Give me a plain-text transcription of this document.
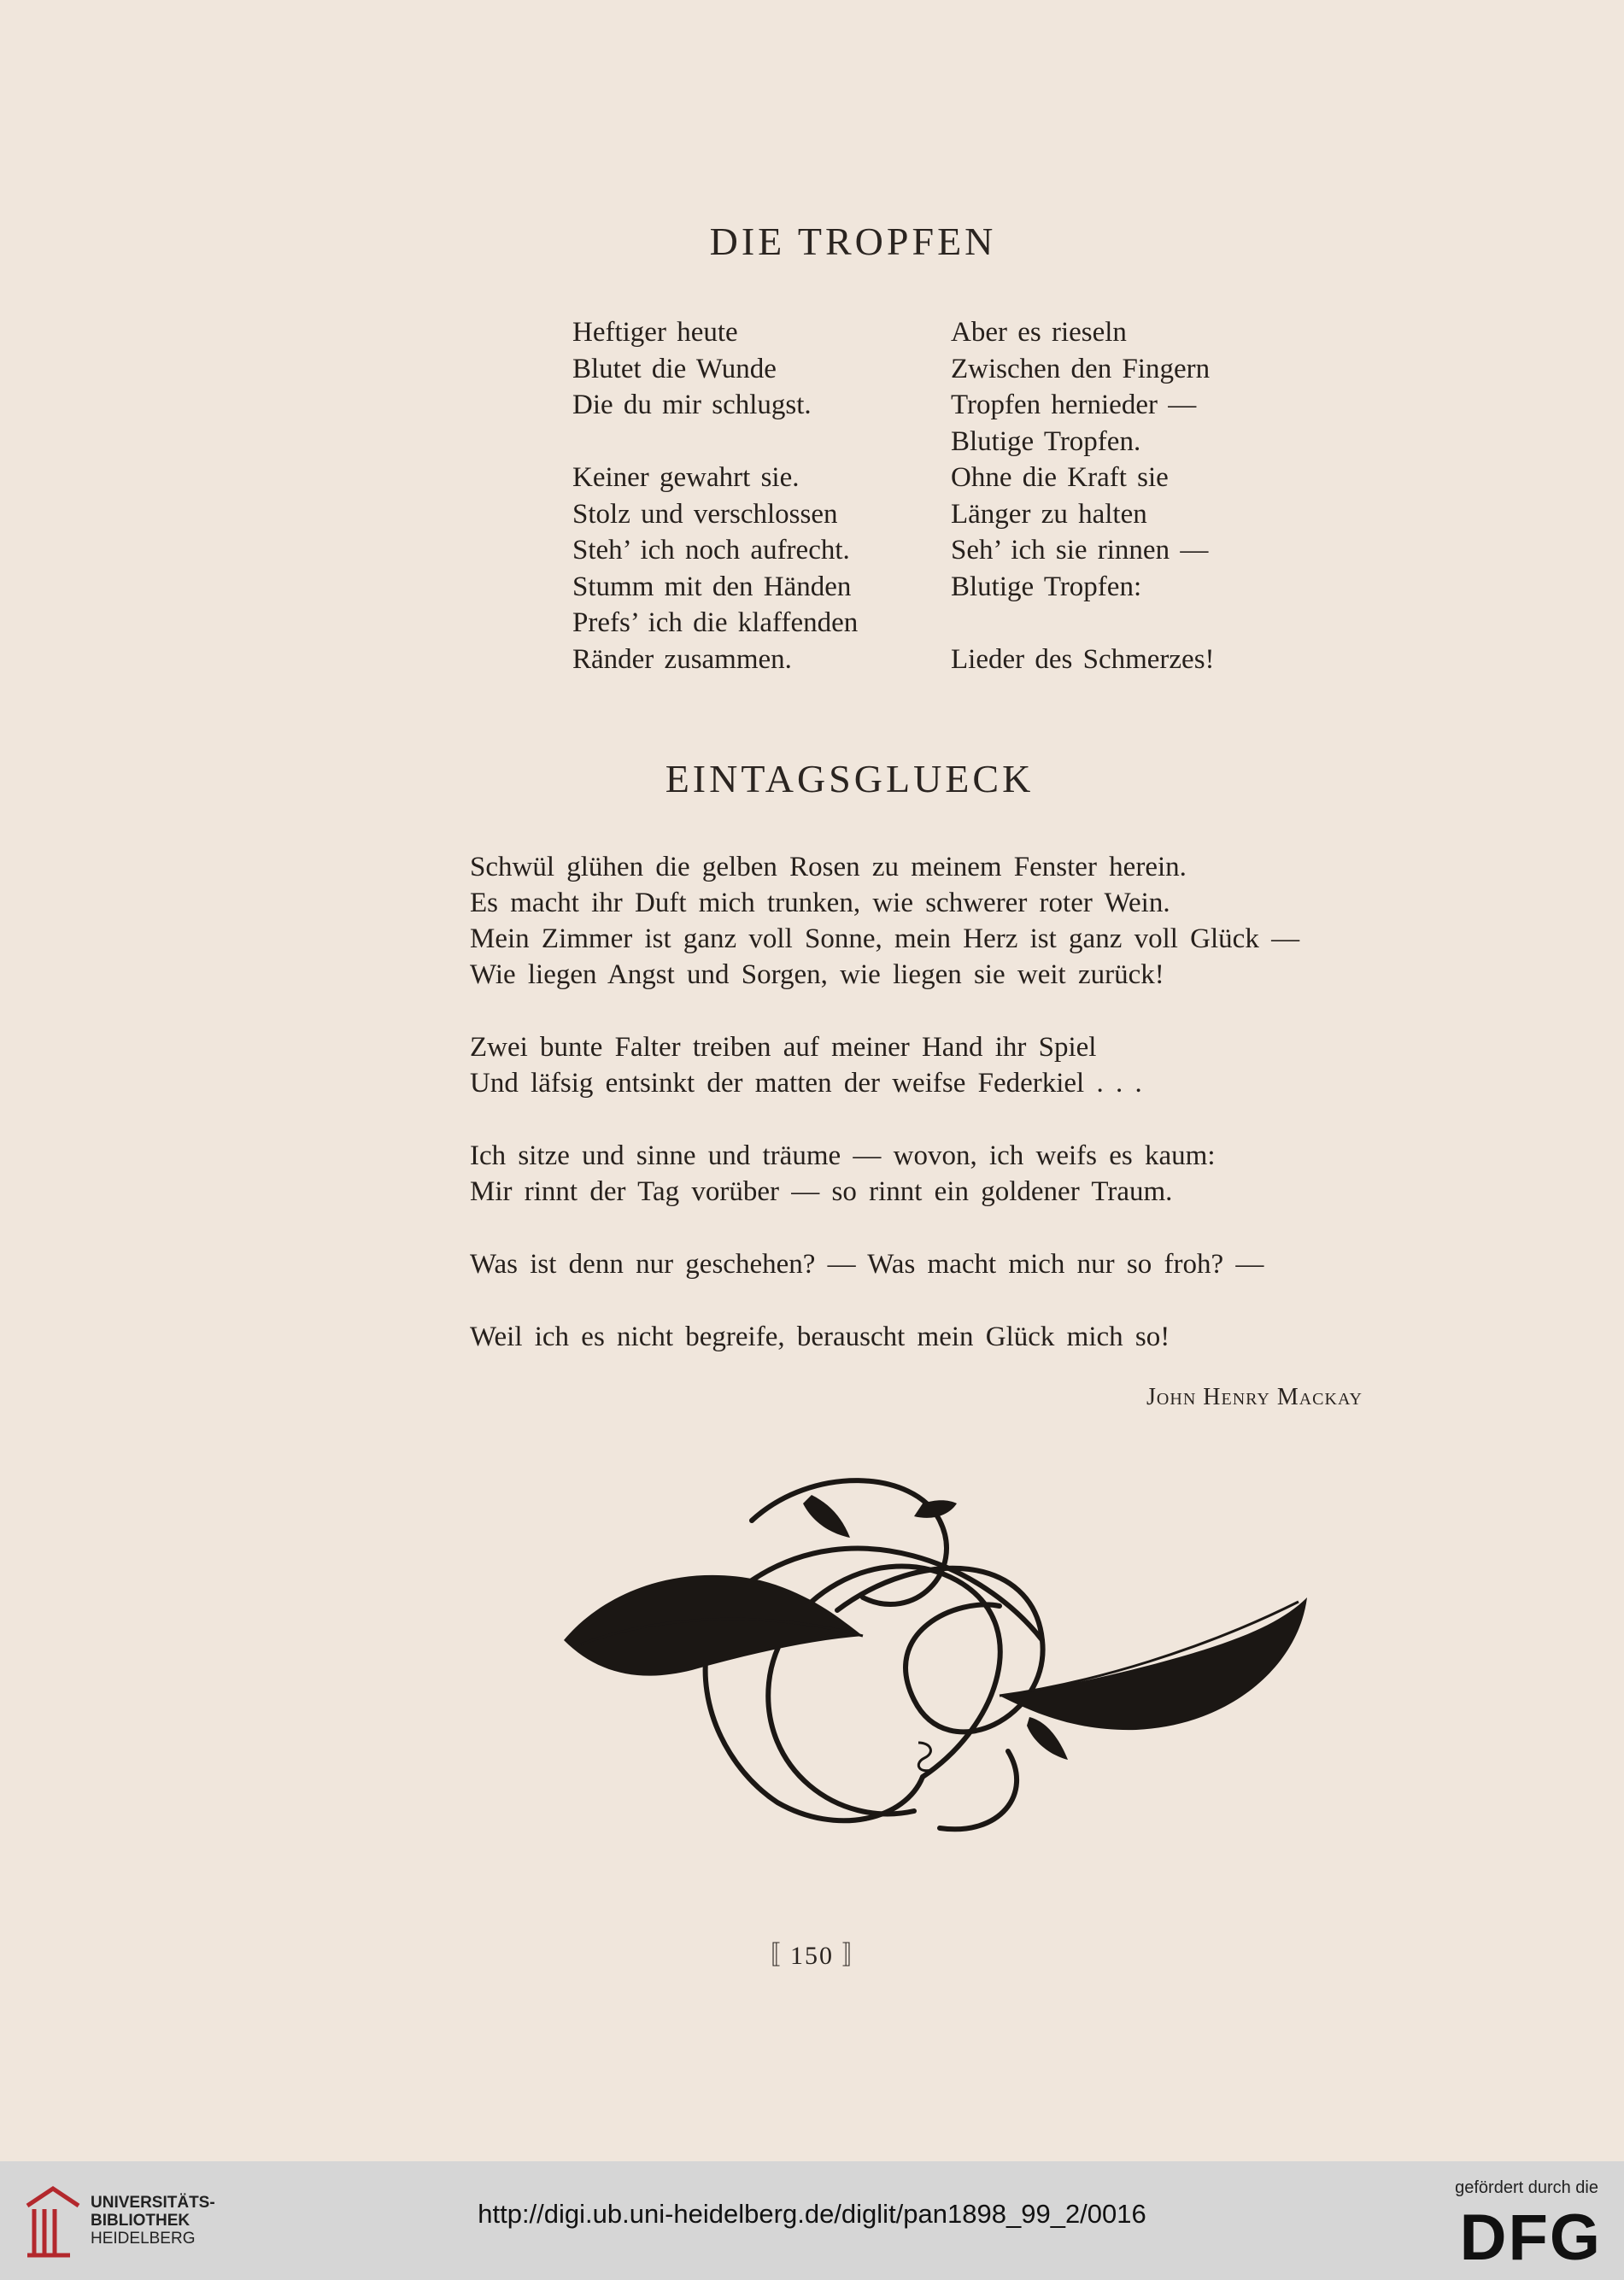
DIE TROPFEN
Heftiger heute
Blutet die Wunde
Die du mir schlugst.
Keiner gewahrt sie.
Stolz und verschlossen
Steh’ ich noch aufrecht.
Stumm mit den Händen
Prefs’ ich die klaffenden
Ränder zusammen.
Aber es rieseln
Zwischen den Fingern
Tropfen hernieder —
Blutige Tropfen.
Ohne die Kraft sie
Länger zu halten
Seh’ ich sie rinnen —
Blutige Tropfen:
Lieder des Schmerzes!
EINTAGSGLUECK
Schwül glühen die gelben Rosen zu meinem Fenster herein.
Es macht ihr Duft mich trunken, wie schwerer roter Wein.
Mein Zimmer ist ganz voll Sonne, mein Herz ist ganz voll Glück —
Wie liegen Angst und Sorgen, wie liegen sie weit zurück!
Zwei bunte Falter treiben auf meiner Hand ihr Spiel
Und läfsig entsinkt der matten der weifse Federkiel . . .
Ich sitze und sinne und träume — wovon, ich weifs es kaum:
Mir rinnt der Tag vorüber — so rinnt ein goldener Traum.
Was ist denn nur geschehen? — Was macht mich nur so froh? —
Weil ich es nicht begreife, berauscht mein Glück mich so!
John Henry Mackay
〚 150 〛
UNIVERSITÄTS-
BIBLIOTHEK
HEIDELBERG
http://digi.ub.uni-heidelberg.de/diglit/pan1898_99_2/0016
gefördert durch die
DFG
